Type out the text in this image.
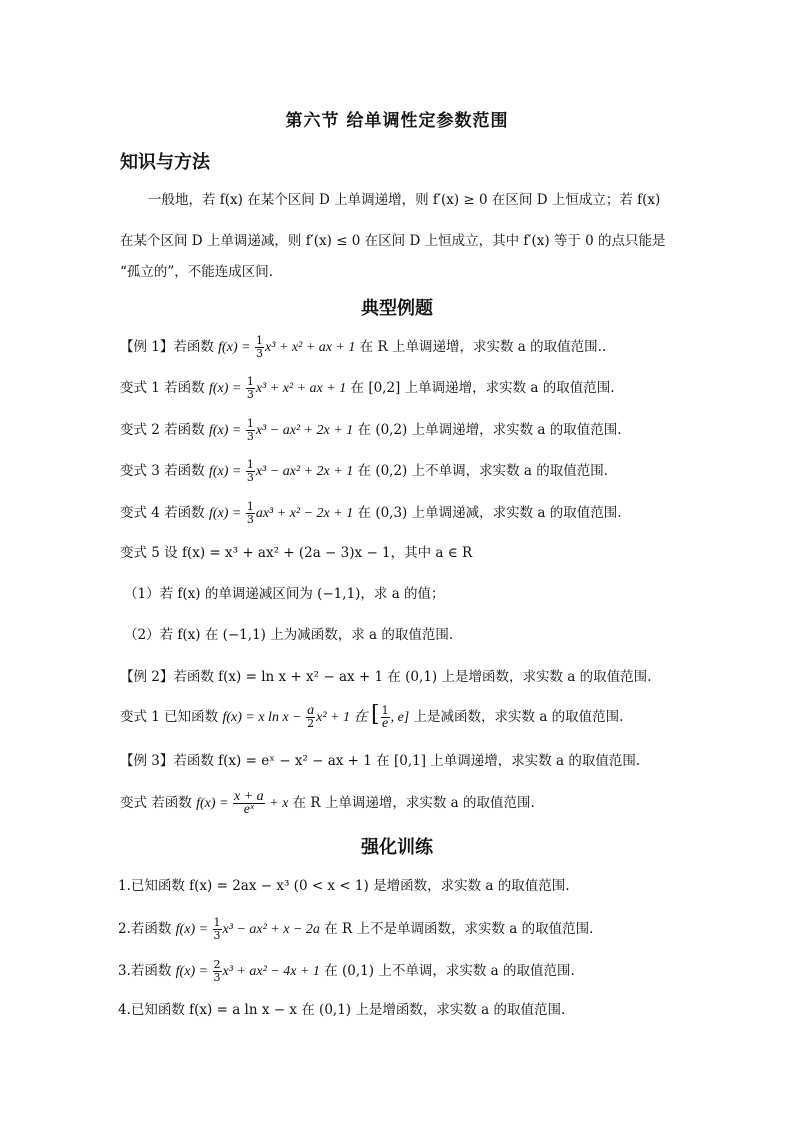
第六节 给单调性定参数范围
知识与方法
一般地，若 f(x) 在某个区间 D 上单调递增，则 f′(x) ≥ 0 在区间 D 上恒成立；若 f(x)
在某个区间 D 上单调递减，则 f′(x) ≤ 0 在区间 D 上恒成立，其中 f′(x) 等于 0 的点只能是
“孤立的”，不能连成区间.
典型例题
【例 1】若函数 $f(x) = \frac{1}{3} x^3 + x^2$ + ax + 1 在 R 上单调递增，求实数 a 的取值范围..
变式 1 若函数 $f(x) = \frac{1}{3} x^3 + x^2$ + ax + 1 在 [0,2] 上单调递增，求实数 a 的取值范围.
变式 2 若函数 $f(x) = \frac{1}{3} x^3 - ax^2 + 2x + 1$ 在 (0,2) 上单调递增，求实数 a 的取值范围.
变式 3 若函数 $f(x) = \frac{1}{3} x^3 - ax^2 + 2x + 1$ 在 (0,2) 上不单调，求实数 a 的取值范围.
变式 4 若函数 $f(x) = \frac{1}{3} ax^3 + x^2 - 2x + 1$ 在 (0,3) 上单调递减，求实数 a 的取值范围.
变式 5 设 f(x) = x³ + ax² + (2a − 3)x − 1，其中 a ∈ R
（1）若 f(x) 的单调递减区间为 (−1,1)，求 a 的值；
（2）若 f(x) 在 (−1,1) 上为减函数，求 a 的取值范围.
【例 2】若函数 f(x) = ln x + x² − ax + 1 在 (0,1) 上是增函数，求实数 a 的取值范围.
变式 1 已知函数 f(x) = x $\ln x - \frac{a}{2} x^2 + 1$ 在 [ $\frac{1}{e}$ , e] 上是减函数，求实数 a 的取值范围.
【例 3】若函数 f(x) = eˣ − x² − ax + 1 在 [0,1] 上单调递增，求实数 a 的取值范围.
变式 若函数 $f(x) = \frac{x + a}{\text{eˣ}} + x$ 在 R 上单调递增，求实数 a 的取值范围.
强化训练
1.已知函数 f(x) = 2ax − x³ (0 < x < 1) 是增函数，求实数 a 的取值范围.
2.若函数 $f(x) = \frac{1}{3} x^3 - ax^2 + x - 2a$ 在 R 上不是单调函数，求实数 a 的取值范围.
3.若函数 $f(x) = \frac{2}{3} x^3 + ax^2 - 4x + 1$ 在 (0,1) 上不单调，求实数 a 的取值范围.
4.已知函数 f(x) = a ln x − x 在 (0,1) 上是增函数，求实数 a 的取值范围.
